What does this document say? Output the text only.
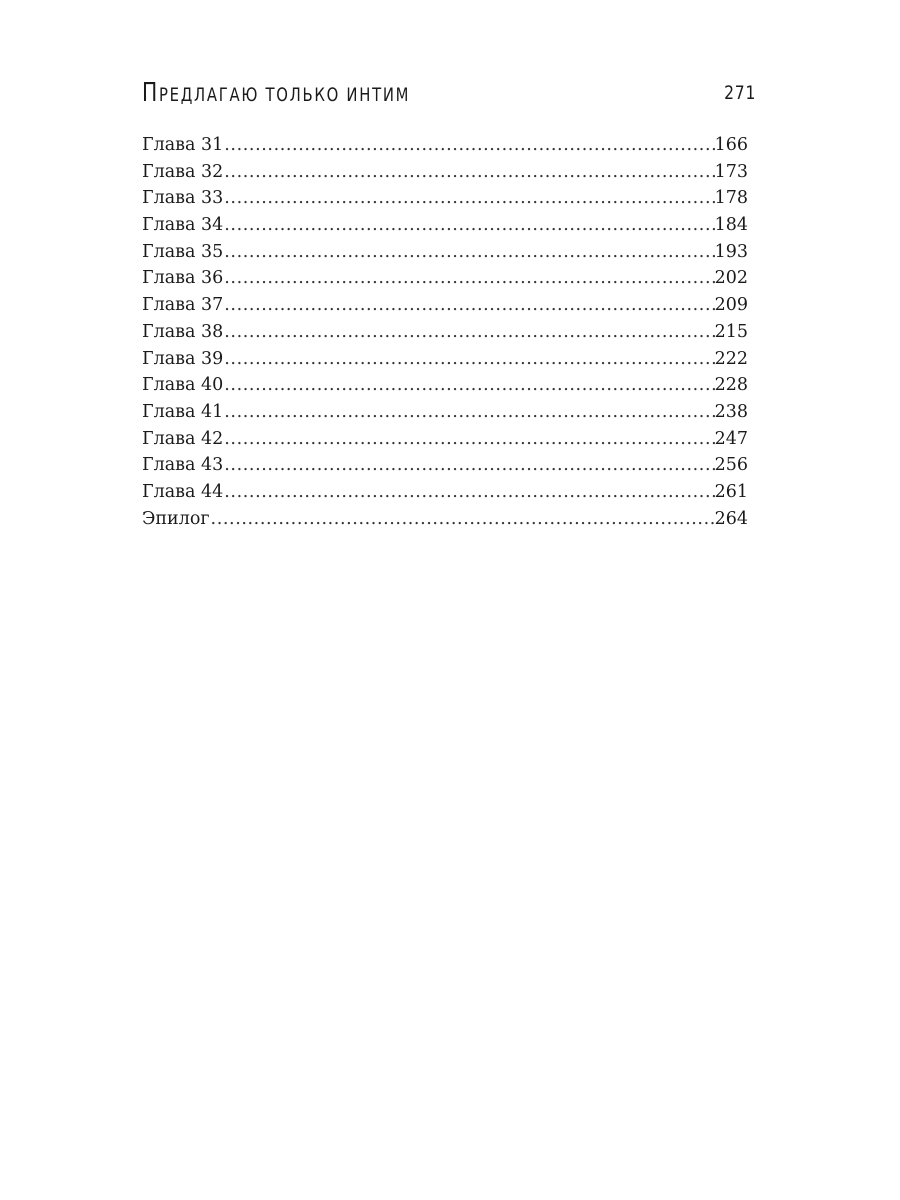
ПРЕДЛАГАЮ ТОЛЬКО ИНТИМ	271
Глава 31 .....	166
Глава 32 .....	173
Глава 33 .....	178
Глава 34 .....	184
Глава 35 .....	193
Глава 36 .....	202
Глава 37 .....	209
Глава 38 .....	215
Глава 39 .....	222
Глава 40 .....	228
Глава 41 .....	238
Глава 42 .....	247
Глава 43 .....	256
Глава 44 .....	261
Эпилог .....	264
